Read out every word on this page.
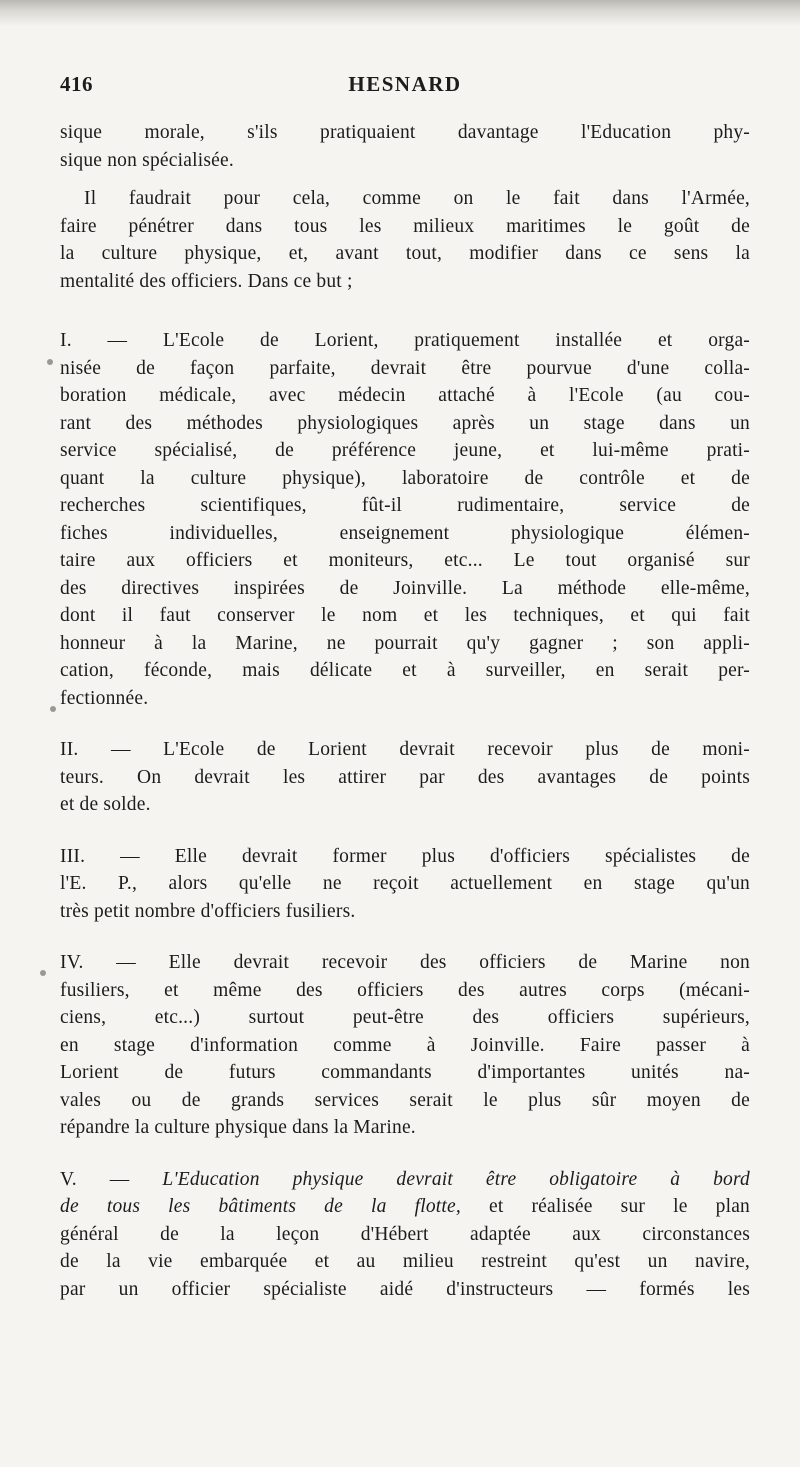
416	HESNARD

sique morale, s'ils pratiquaient davantage l'Education phy-
sique non spécialisée.

Il faudrait pour cela, comme on le fait dans l'Armée,
faire pénétrer dans tous les milieux maritimes le goût de
la culture physique, et, avant tout, modifier dans ce sens la
mentalité des officiers. Dans ce but ;

I. — L'Ecole de Lorient, pratiquement installée et orga-
nisée de façon parfaite, devrait être pourvue d'une colla-
boration médicale, avec médecin attaché à l'Ecole (au cou-
rant des méthodes physiologiques après un stage dans un
service spécialisé, de préférence jeune, et lui-même prati-
quant la culture physique), laboratoire de contrôle et de
recherches scientifiques, fût-il rudimentaire, service de
fiches individuelles, enseignement physiologique élémen-
taire aux officiers et moniteurs, etc... Le tout organisé sur
des directives inspirées de Joinville. La méthode elle-même,
dont il faut conserver le nom et les techniques, et qui fait
honneur à la Marine, ne pourrait qu'y gagner ; son appli-
cation, féconde, mais délicate et à surveiller, en serait per-
fectionnée.

II. — L'Ecole de Lorient devrait recevoir plus de moni-
teurs. On devrait les attirer par des avantages de points
et de solde.

III. — Elle devrait former plus d'officiers spécialistes de
l'E. P., alors qu'elle ne reçoit actuellement en stage qu'un
très petit nombre d'officiers fusiliers.

IV. — Elle devrait recevoir des officiers de Marine non
fusiliers, et même des officiers des autres corps (mécani-
ciens, etc...) surtout peut-être des officiers supérieurs,
en stage d'information comme à Joinville. Faire passer à
Lorient de futurs commandants d'importantes unités na-
vales ou de grands services serait le plus sûr moyen de
répandre la culture physique dans la Marine.

V. — L'Education physique devrait être obligatoire à bord
de tous les bâtiments de la flotte, et réalisée sur le plan
général de la leçon d'Hébert adaptée aux circonstances
de la vie embarquée et au milieu restreint qu'est un navire,
par un officier spécialiste aidé d'instructeurs — formés les
